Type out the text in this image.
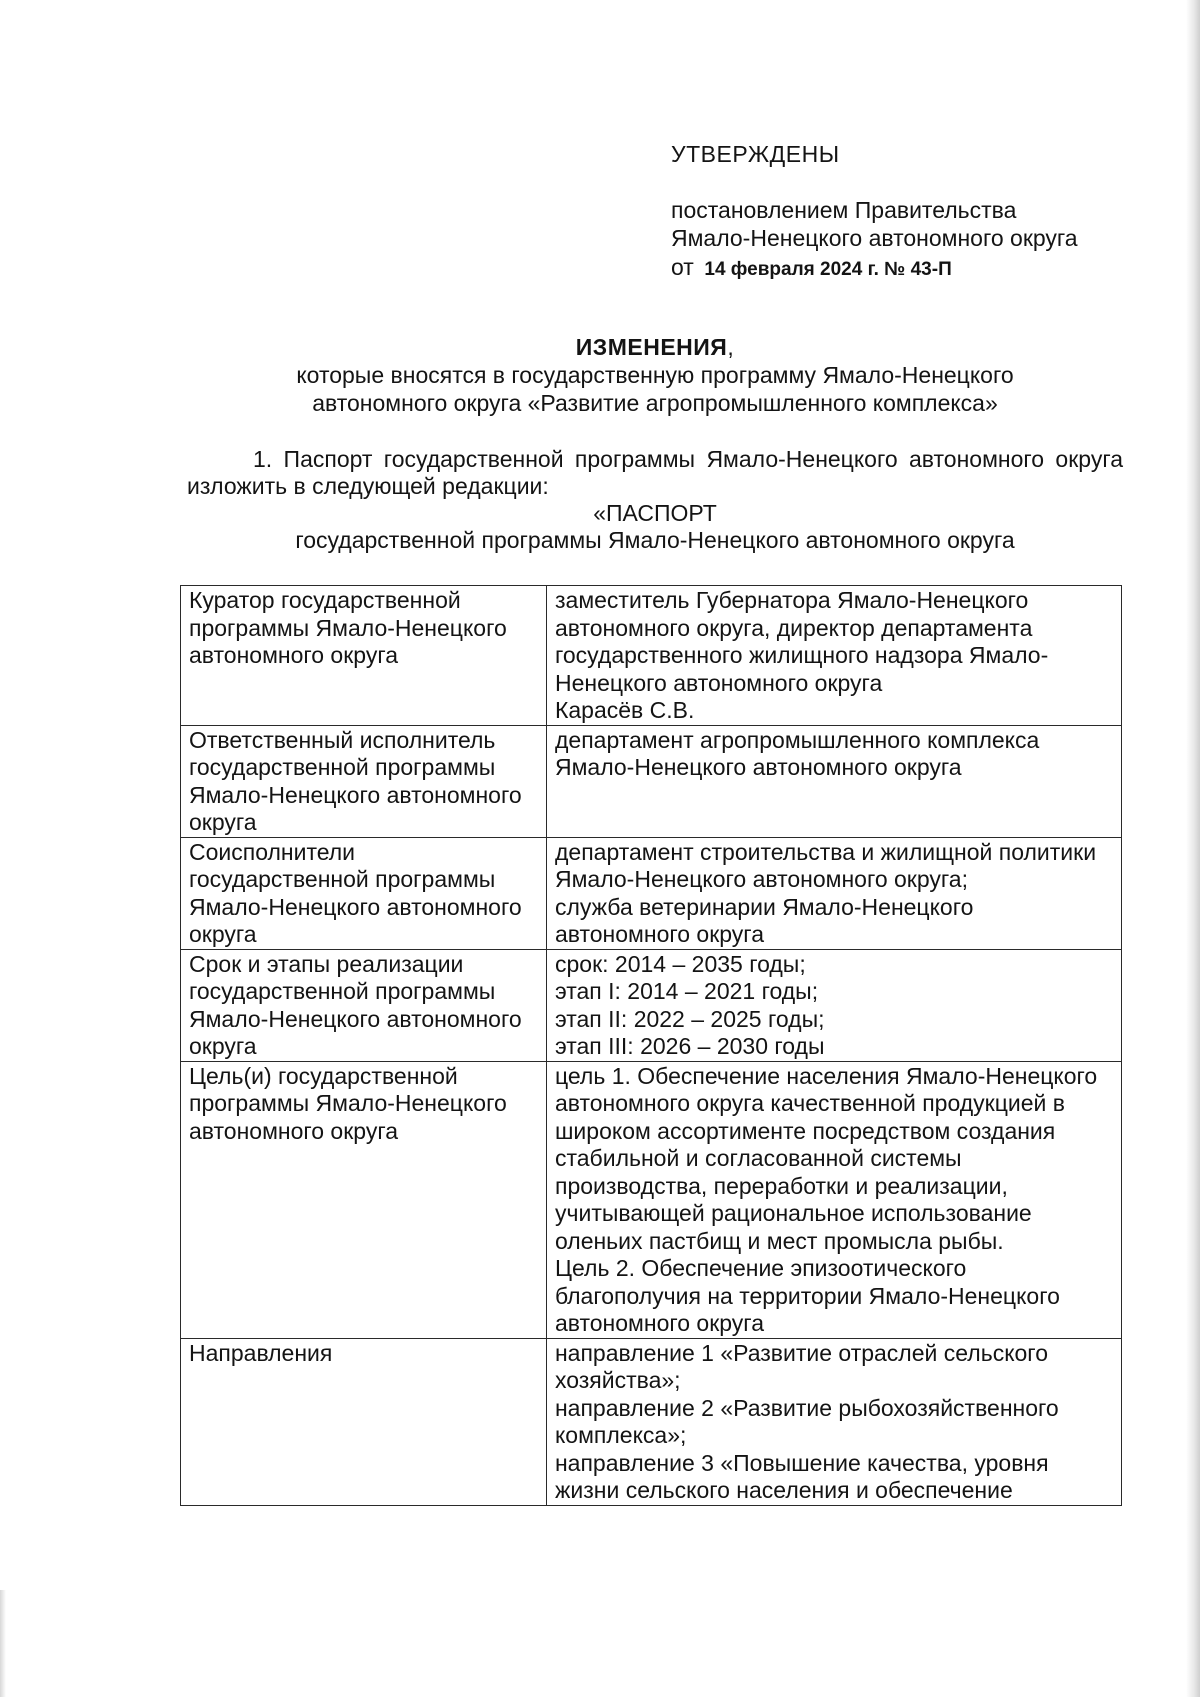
УТВЕРЖДЕНЫ
постановлением Правительства
Ямало-Ненецкого автономного округа
от 14 февраля 2024 г. № 43-П
ИЗМЕНЕНИЯ,
которые вносятся в государственную программу Ямало-Ненецкого
автономного округа «Развитие агропромышленного комплекса»
1. Паспорт государственной программы Ямало-Ненецкого автономного округа изложить в следующей редакции:
«ПАСПОРТ
государственной программы Ямало-Ненецкого автономного округа
Куратор государственной программы Ямало-Ненецкого автономного округа	заместитель Губернатора Ямало-Ненецкого автономного округа, директор департамента государственного жилищного надзора Ямало-Ненецкого автономного округа
Карасёв С.В.

Ответственный исполнитель государственной программы Ямало-Ненецкого автономного округа	департамент агропромышленного комплекса Ямало-Ненецкого автономного округа

Соисполнители государственной программы Ямало-Ненецкого автономного округа	департамент строительства и жилищной политики Ямало-Ненецкого автономного округа;
служба ветеринарии Ямало-Ненецкого автономного округа

Срок и этапы реализации государственной программы Ямало-Ненецкого автономного округа	срок: 2014 – 2035 годы;
этап I: 2014 – 2021 годы;
этап II: 2022 – 2025 годы;
этап III: 2026 – 2030 годы

Цель(и) государственной программы Ямало-Ненецкого автономного округа	цель 1. Обеспечение населения Ямало-Ненецкого автономного округа качественной продукцией в широком ассортименте посредством создания стабильной и согласованной системы производства, переработки и реализации, учитывающей рациональное использование оленьих пастбищ и мест промысла рыбы.
Цель 2. Обеспечение эпизоотического благополучия на территории Ямало-Ненецкого автономного округа

Направления	направление 1 «Развитие отраслей сельского хозяйства»;
направление 2 «Развитие рыбохозяйственного комплекса»;
направление 3 «Повышение качества, уровня жизни сельского населения и обеспечение
